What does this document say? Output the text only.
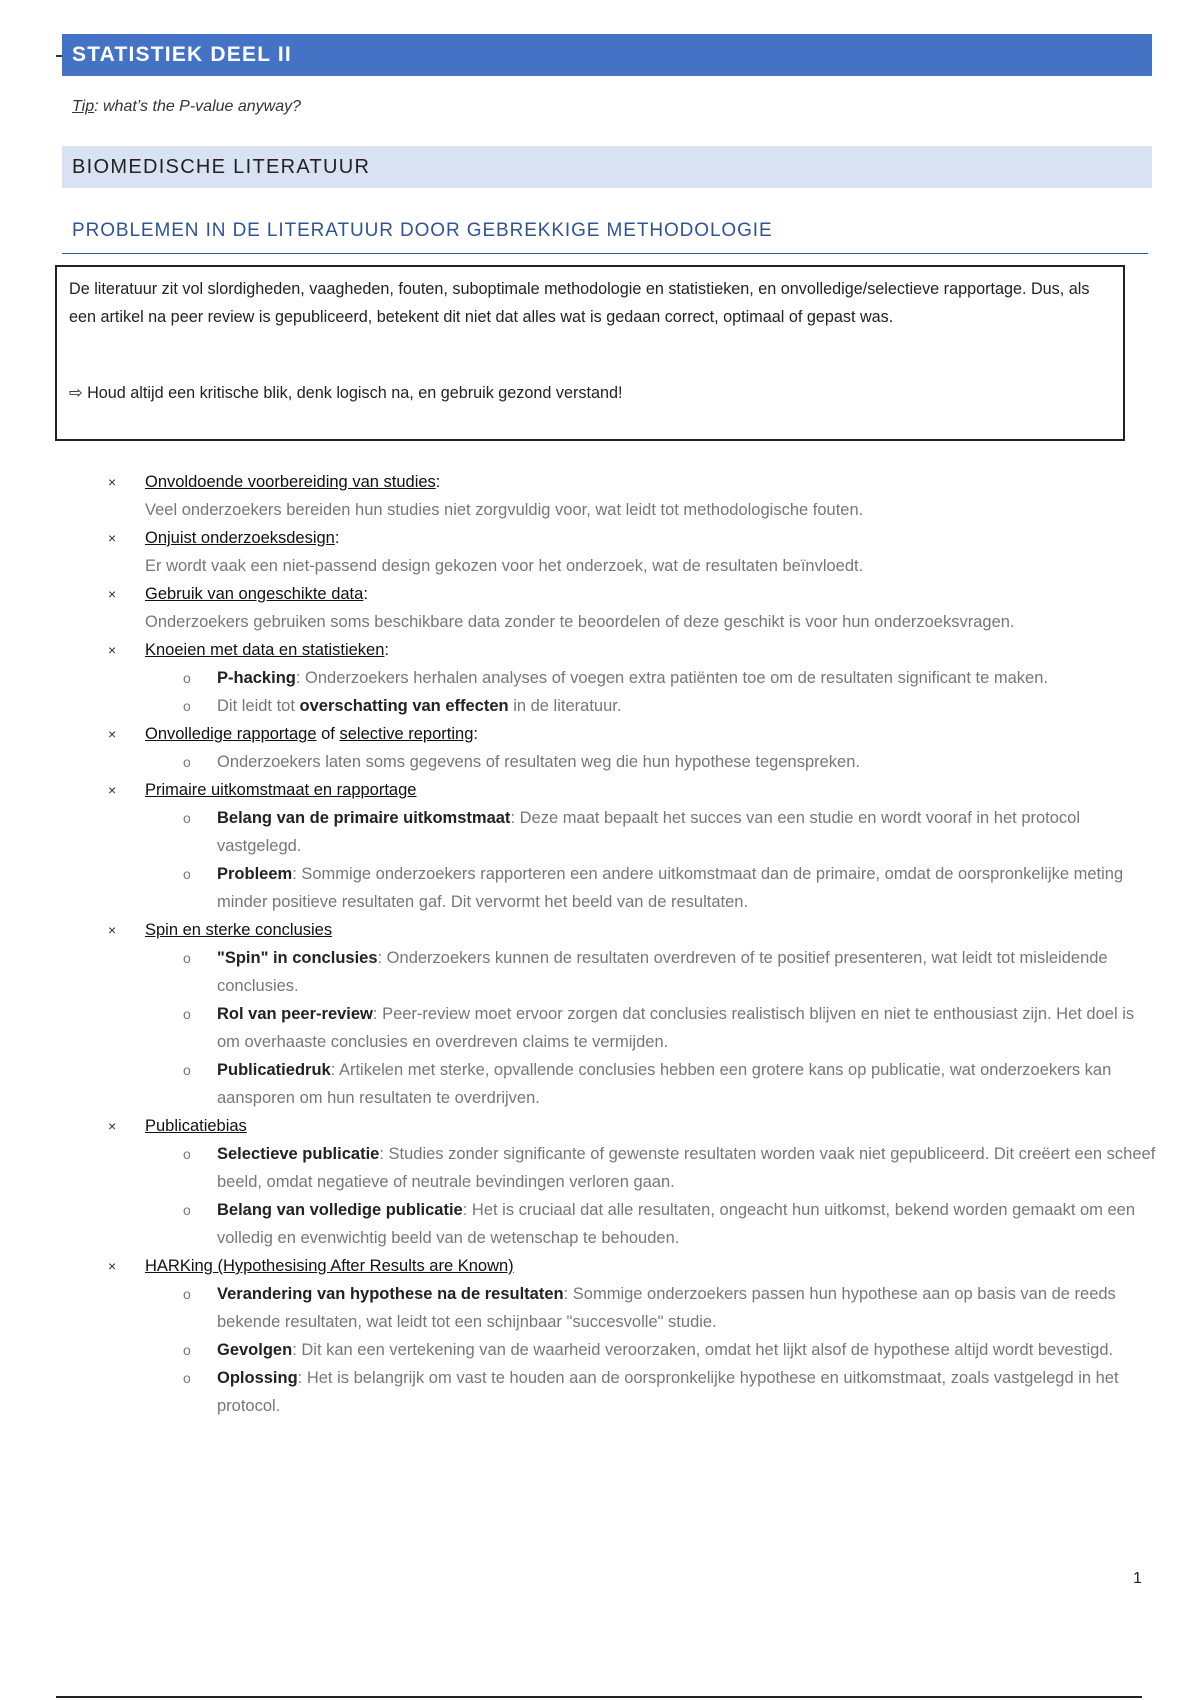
STATISTIEK DEEL II
Tip: what’s the P-value anyway?
BIOMEDISCHE LITERATUUR
PROBLEMEN IN DE LITERATUUR DOOR GEBREKKIGE METHODOLOGIE
De literatuur zit vol slordigheden, vaagheden, fouten, suboptimale methodologie en statistieken, en onvolledige/selectieve rapportage. Dus, als een artikel na peer review is gepubliceerd, betekent dit niet dat alles wat is gedaan correct, optimaal of gepast was.
⇨ Houd altijd een kritische blik, denk logisch na, en gebruik gezond verstand!
× Onvoldoende voorbereiding van studies:
Veel onderzoekers bereiden hun studies niet zorgvuldig voor, wat leidt tot methodologische fouten.
× Onjuist onderzoeksdesign:
Er wordt vaak een niet-passend design gekozen voor het onderzoek, wat de resultaten beïnvloedt.
× Gebruik van ongeschikte data:
Onderzoekers gebruiken soms beschikbare data zonder te beoordelen of deze geschikt is voor hun onderzoeksvragen.
× Knoeien met data en statistieken:
o P-hacking: Onderzoekers herhalen analyses of voegen extra patiënten toe om de resultaten significant te maken.
o Dit leidt tot overschatting van effecten in de literatuur.
× Onvolledige rapportage of selective reporting:
o Onderzoekers laten soms gegevens of resultaten weg die hun hypothese tegenspreken.
× Primaire uitkomstmaat en rapportage
o Belang van de primaire uitkomstmaat: Deze maat bepaalt het succes van een studie en wordt vooraf in het protocol vastgelegd.
o Probleem: Sommige onderzoekers rapporteren een andere uitkomstmaat dan de primaire, omdat de oorspronkelijke meting minder positieve resultaten gaf. Dit vervormt het beeld van de resultaten.
× Spin en sterke conclusies
o "Spin" in conclusies: Onderzoekers kunnen de resultaten overdreven of te positief presenteren, wat leidt tot misleidende conclusies.
o Rol van peer-review: Peer-review moet ervoor zorgen dat conclusies realistisch blijven en niet te enthousiast zijn. Het doel is om overhaaste conclusies en overdreven claims te vermijden.
o Publicatiedruk: Artikelen met sterke, opvallende conclusies hebben een grotere kans op publicatie, wat onderzoekers kan aansporen om hun resultaten te overdrijven.
× Publicatiebias
o Selectieve publicatie: Studies zonder significante of gewenste resultaten worden vaak niet gepubliceerd. Dit creëert een scheef beeld, omdat negatieve of neutrale bevindingen verloren gaan.
o Belang van volledige publicatie: Het is cruciaal dat alle resultaten, ongeacht hun uitkomst, bekend worden gemaakt om een volledig en evenwichtig beeld van de wetenschap te behouden.
× HARKing (Hypothesising After Results are Known)
o Verandering van hypothese na de resultaten: Sommige onderzoekers passen hun hypothese aan op basis van de reeds bekende resultaten, wat leidt tot een schijnbaar "succesvolle" studie.
o Gevolgen: Dit kan een vertekening van de waarheid veroorzaken, omdat het lijkt alsof de hypothese altijd wordt bevestigd.
o Oplossing: Het is belangrijk om vast te houden aan de oorspronkelijke hypothese en uitkomstmaat, zoals vastgelegd in het protocol.
1
